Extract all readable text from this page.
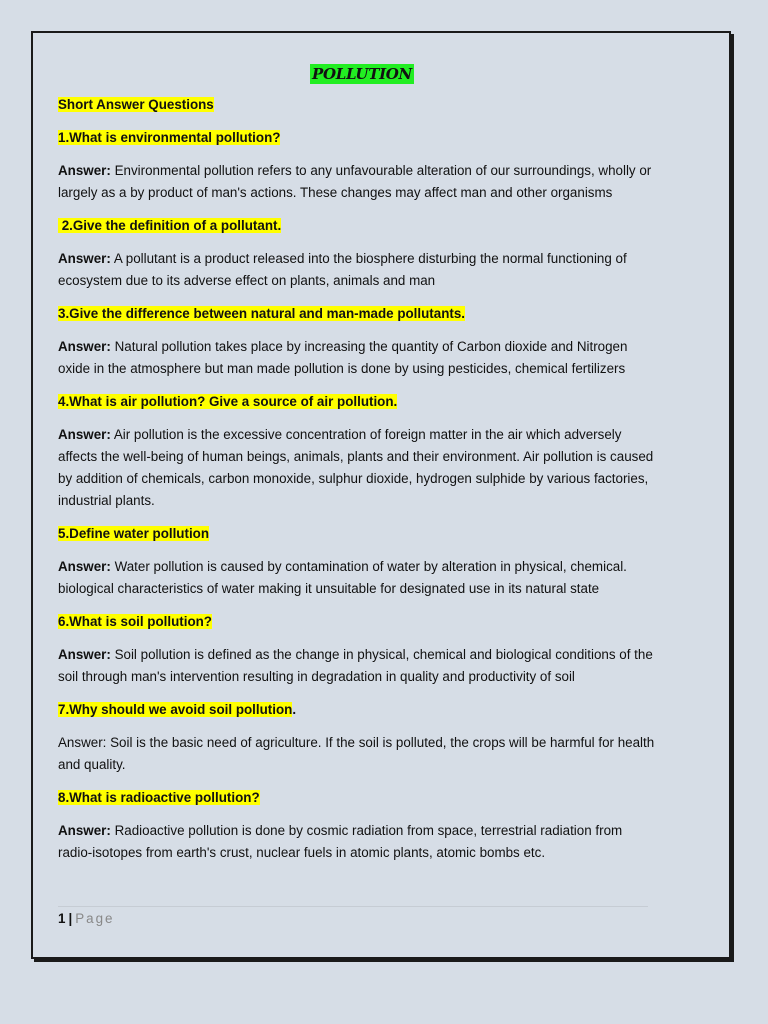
POLLUTION
Short Answer Questions
1.What is environmental pollution?
Answer: Environmental pollution refers to any unfavourable alteration of our surroundings, wholly or largely as a by product of man's actions. These changes may affect man and other organisms
2.Give the definition of a pollutant.
Answer: A pollutant is a product released into the biosphere disturbing the normal functioning of ecosystem due to its adverse effect on plants, animals and man
3.Give the difference between natural and man-made pollutants.
Answer: Natural pollution takes place by increasing the quantity of Carbon dioxide and Nitrogen oxide in the atmosphere but man made pollution is done by using pesticides, chemical fertilizers
4.What is air pollution? Give a source of air pollution.
Answer: Air pollution is the excessive concentration of foreign matter in the air which adversely affects the well-being of human beings, animals, plants and their environment. Air pollution is caused by addition of chemicals, carbon monoxide, sulphur dioxide, hydrogen sulphide by various factories, industrial plants.
5.Define water pollution
Answer: Water pollution is caused by contamination of water by alteration in physical, chemical. biological characteristics of water making it unsuitable for designated use in its natural state
6.What is soil pollution?
Answer: Soil pollution is defined as the change in physical, chemical and biological conditions of the soil through man's intervention resulting in degradation in quality and productivity of soil
7.Why should we avoid soil pollution.
Answer: Soil is the basic need of agriculture. If the soil is polluted, the crops will be harmful for health and quality.
8.What is radioactive pollution?
Answer: Radioactive pollution is done by cosmic radiation from space, terrestrial radiation from radio-isotopes from earth's crust, nuclear fuels in atomic plants, atomic bombs etc.
1 | Page
